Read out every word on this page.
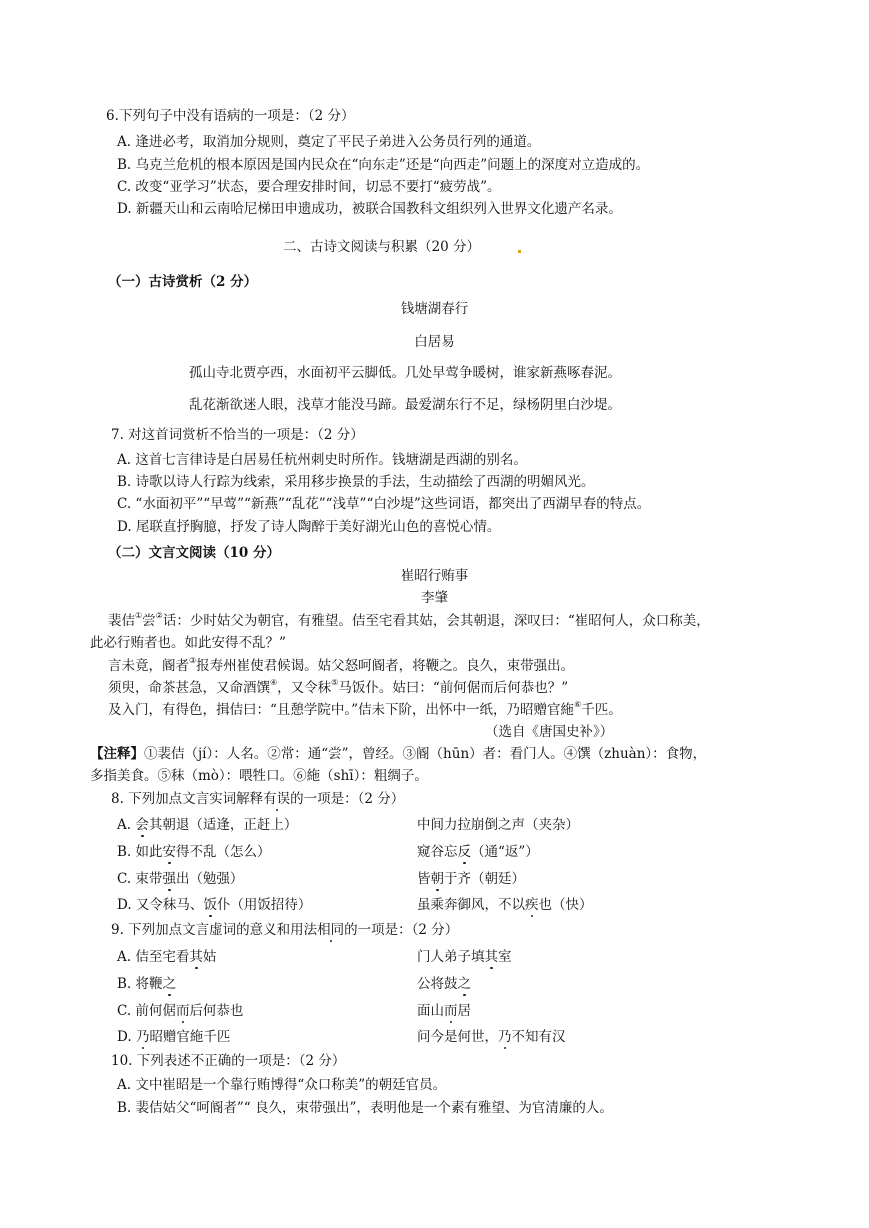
6.下列句子中没有语病的一项是：（2 分）
A. 逢进必考，取消加分规则，奠定了平民子弟进入公务员行列的通道。
B. 乌克兰危机的根本原因是国内民众在“向东走”还是“向西走”问题上的深度对立造成的。
C. 改变“亚学习”状态，要合理安排时间，切忌不要打“疲劳战”。
D. 新疆天山和云南哈尼梯田申遗成功，被联合国教科文组织列入世界文化遗产名录。
二、古诗文阅读与积累（20 分）
（一）古诗赏析（2 分）
钱塘湖春行
白居易
孤山寺北贾亭西，水面初平云脚低。几处早莺争暖树，谁家新燕啄春泥。
乱花渐欲迷人眼，浅草才能没马蹄。最爱湖东行不足，绿杨阴里白沙堤。
7. 对这首词赏析不恰当的一项是：（2 分）
A. 这首七言律诗是白居易任杭州刺史时所作。钱塘湖是西湖的别名。
B. 诗歌以诗人行踪为线索，采用移步换景的手法，生动描绘了西湖的明媚风光。
C. “水面初平”“早莺”“新燕”“乱花”“浅草”“白沙堤”这些词语，都突出了西湖早春的特点。
D. 尾联直抒胸臆，抒发了诗人陶醉于美好湖光山色的喜悦心情。
（二）文言文阅读（10 分）
崔昭行贿事
李肇
裴佶①尝②话：少时姑父为朝官，有雅望。佶至宅看其姑，会其朝退，深叹曰：“崔昭何人，众口称美，
此必行贿者也。如此安得不乱？”
言未竟，阍者③报寿州崔使君候谒。姑父怒呵阍者，将鞭之。良久，束带强出。
须臾，命茶甚急，又命酒馔④，又令秣⑤马饭仆。姑曰：“前何倨而后何恭也？”
及入门，有得色，揖佶曰：“且憩学院中。”佶未下阶，出怀中一纸，乃昭赠官絁⑥千匹。
（选自《唐国史补》）
【注释】①裴佶（jí）：人名。②常：通“尝”，曾经。③阍（hūn）者：看门人。④馔（zhuàn）：食物，
多指美食。⑤秣（mò）：喂牲口。⑥絁（shī）：粗绸子。
8. 下列加点文言实词解释有误的一项是：（2 分）
A. 会其朝退（适逢，正赶上）	中间力拉崩倒之声（夹杂）
B. 如此安得不乱（怎么）	窥谷忘反（通“返”）
C. 束带强出（勉强）	皆朝于齐（朝廷）
D. 又令秣马、饭仆（用饭招待）	虽乘奔御风，不以疾也（快）
9. 下列加点文言虚词的意义和用法相同的一项是：（2 分）
A. 佶至宅看其姑	门人弟子填其室
B. 将鞭之	公将鼓之
C. 前何倨而后何恭也	面山而居
D. 乃昭赠官絁千匹	问今是何世，乃不知有汉
10. 下列表述不正确的一项是：（2 分）
A. 文中崔昭是一个靠行贿博得“众口称美”的朝廷官员。
B. 裴佶姑父“呵阍者”“ 良久，束带强出”，表明他是一个素有雅望、为官清廉的人。
